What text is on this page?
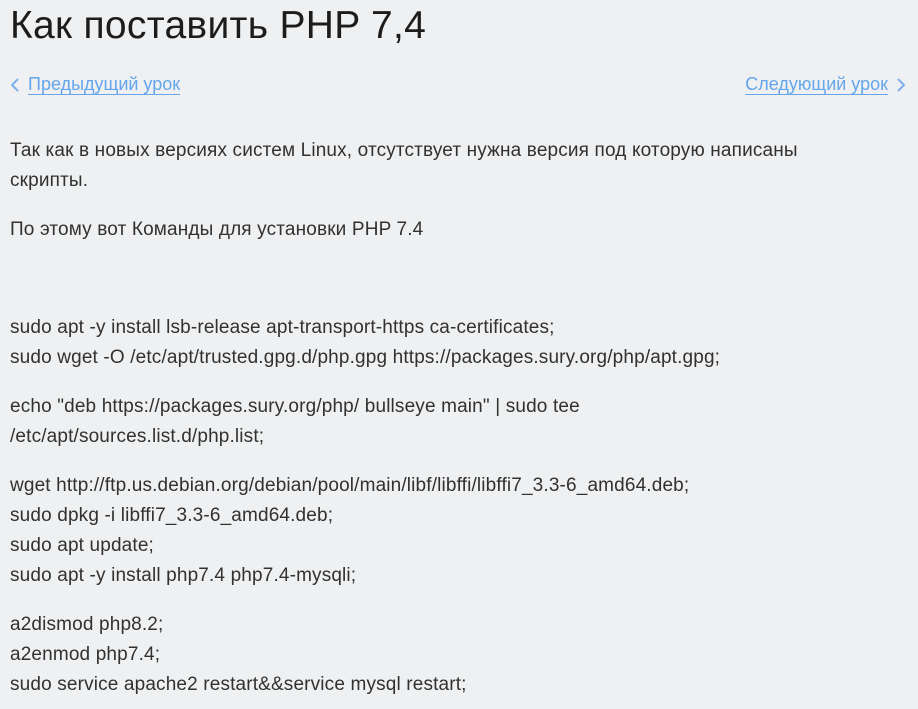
Как поставить PHP 7,4
Предыдущий урок	Следующий урок

Так как в новых версиях систем Linux, отсутствует нужна версия под которую написаны
скрипты.

По этому вот Команды для установки PHP 7.4

sudo apt -y install lsb-release apt-transport-https ca-certificates;
sudo wget -O /etc/apt/trusted.gpg.d/php.gpg https://packages.sury.org/php/apt.gpg;

echo "deb https://packages.sury.org/php/ bullseye main" | sudo tee
/etc/apt/sources.list.d/php.list;

wget http://ftp.us.debian.org/debian/pool/main/libf/libffi/libffi7_3.3-6_amd64.deb;
sudo dpkg -i libffi7_3.3-6_amd64.deb;
sudo apt update;
sudo apt -y install php7.4 php7.4-mysqli;

a2dismod php8.2;
a2enmod php7.4;
sudo service apache2 restart&&service mysql restart;
